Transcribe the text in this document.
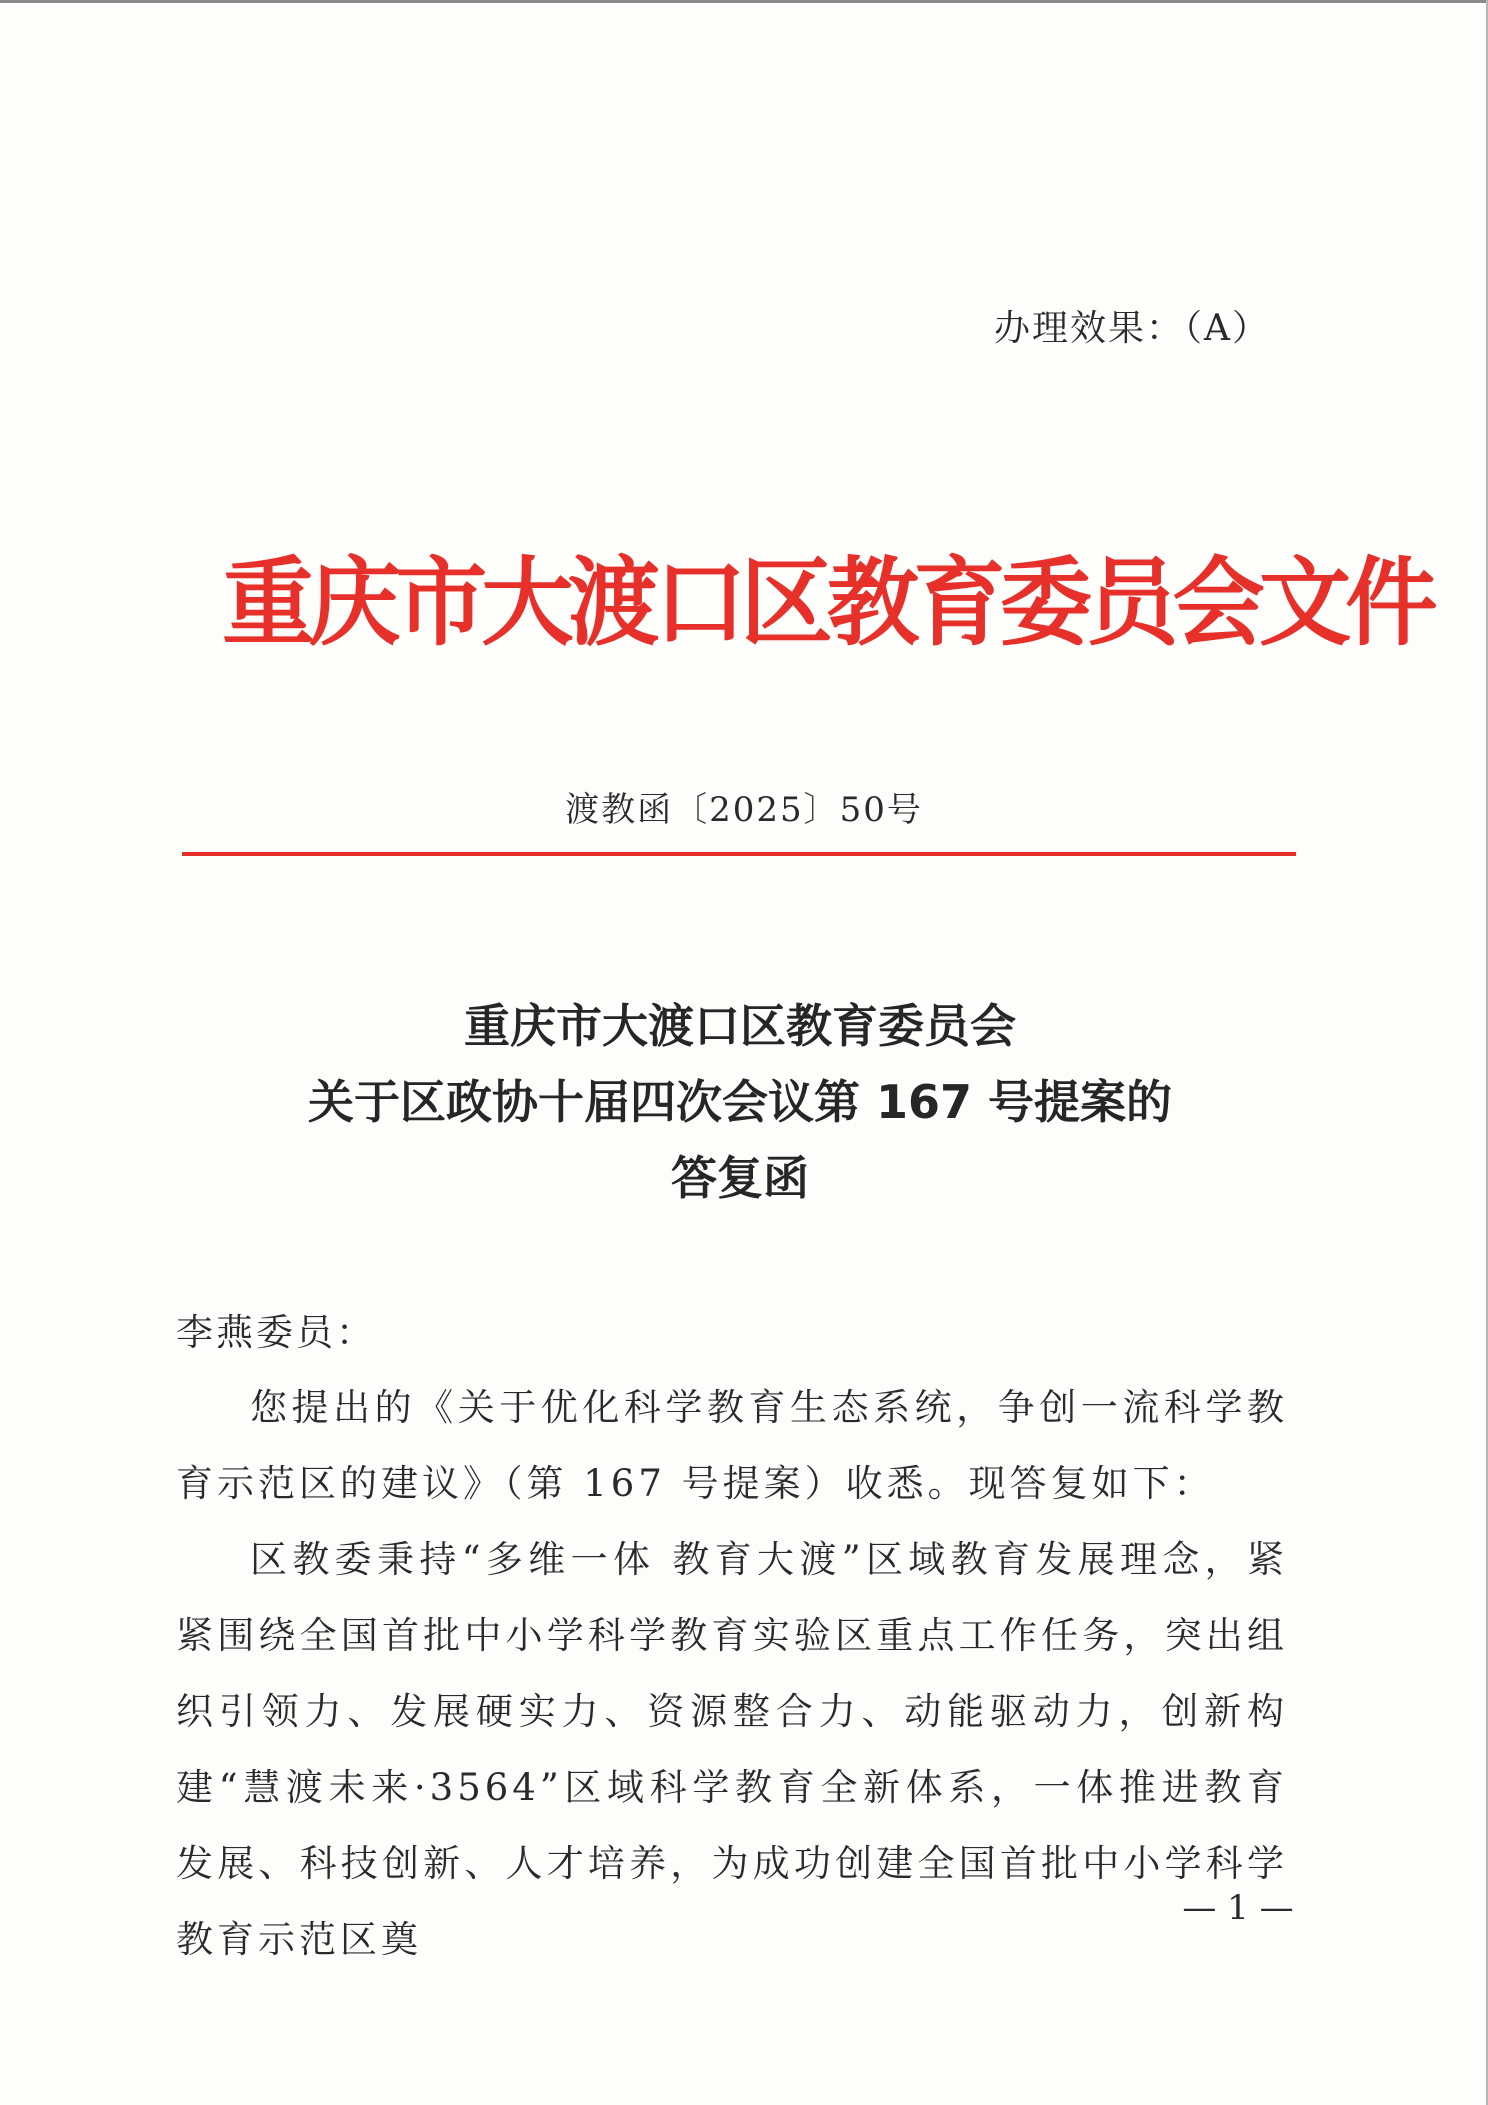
办理效果：（A）
重庆市大渡口区教育委员会文件
渡教函〔2025〕50号
重庆市大渡口区教育委员会
关于区政协十届四次会议第 167 号提案的
答复函
李燕委员：

您提出的《关于优化科学教育生态系统，争创一流科学教育示范区的建议》（第 167 号提案）收悉。现答复如下：

区教委秉持“多维一体 教育大渡”区域教育发展理念，紧紧围绕全国首批中小学科学教育实验区重点工作任务，突出组织引领力、发展硬实力、资源整合力、动能驱动力，创新构建“慧渡未来·3564”区域科学教育全新体系，一体推进教育发展、科技创新、人才培养，为成功创建全国首批中小学科学教育示范区奠

— 1 —
